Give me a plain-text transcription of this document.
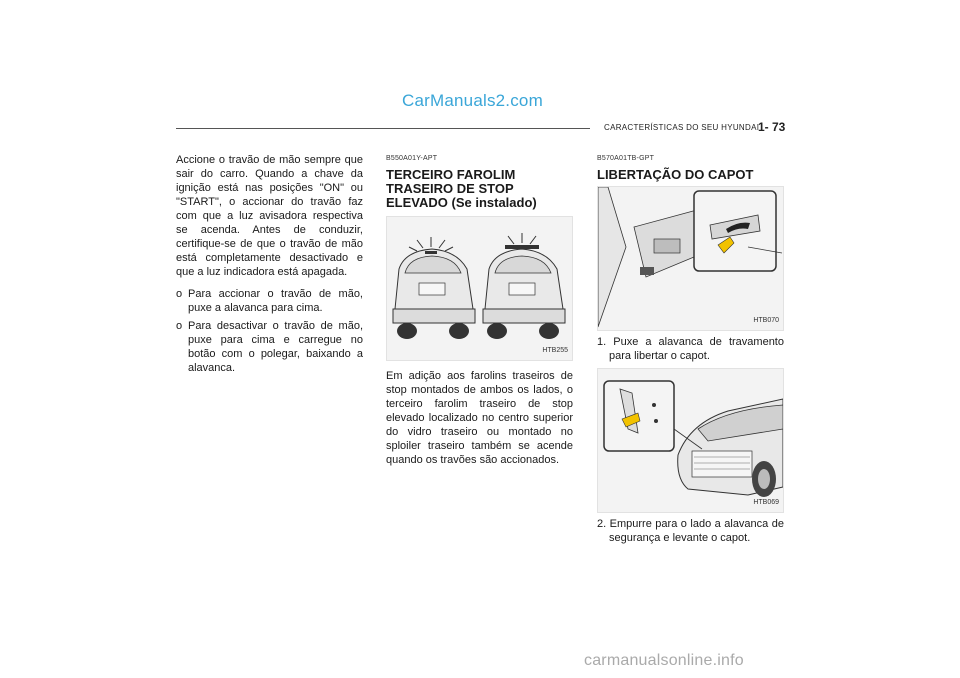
CarManuals2.com
CARACTERÍSTICAS DO SEU HYUNDAI
1- 73

Accione o travão de mão sempre que sair do carro. Quando a chave da ignição está nas posições "ON" ou "START", o accionar do travão faz com que a luz avisadora respectiva se acenda. Antes de conduzir, certifique-se de que o travão de mão está completamente desactivado e que a luz indicadora está apagada.

o Para accionar o travão de mão, puxe a alavanca para cima.
o Para desactivar o travão de mão, puxe para cima e carregue no botão com o polegar, baixando a alavanca.
B550A01Y-APT
TERCEIRO FAROLIM TRASEIRO DE STOP ELEVADO (Se instalado)
HTB255

Em adição aos farolins traseiros de stop montados de ambos os lados, o terceiro farolim traseiro de stop elevado localizado no centro superior do vidro traseiro ou montado no sploiler traseiro também se acende quando os travões são accionados.

B570A01TB-GPT
LIBERTAÇÃO DO CAPOT
HTB070

1. Puxe a alavanca de travamento para libertar o capot.

HTB069

2. Empurre para o lado a alavanca de segurança e levante o capot.

carmanualsonline.info
